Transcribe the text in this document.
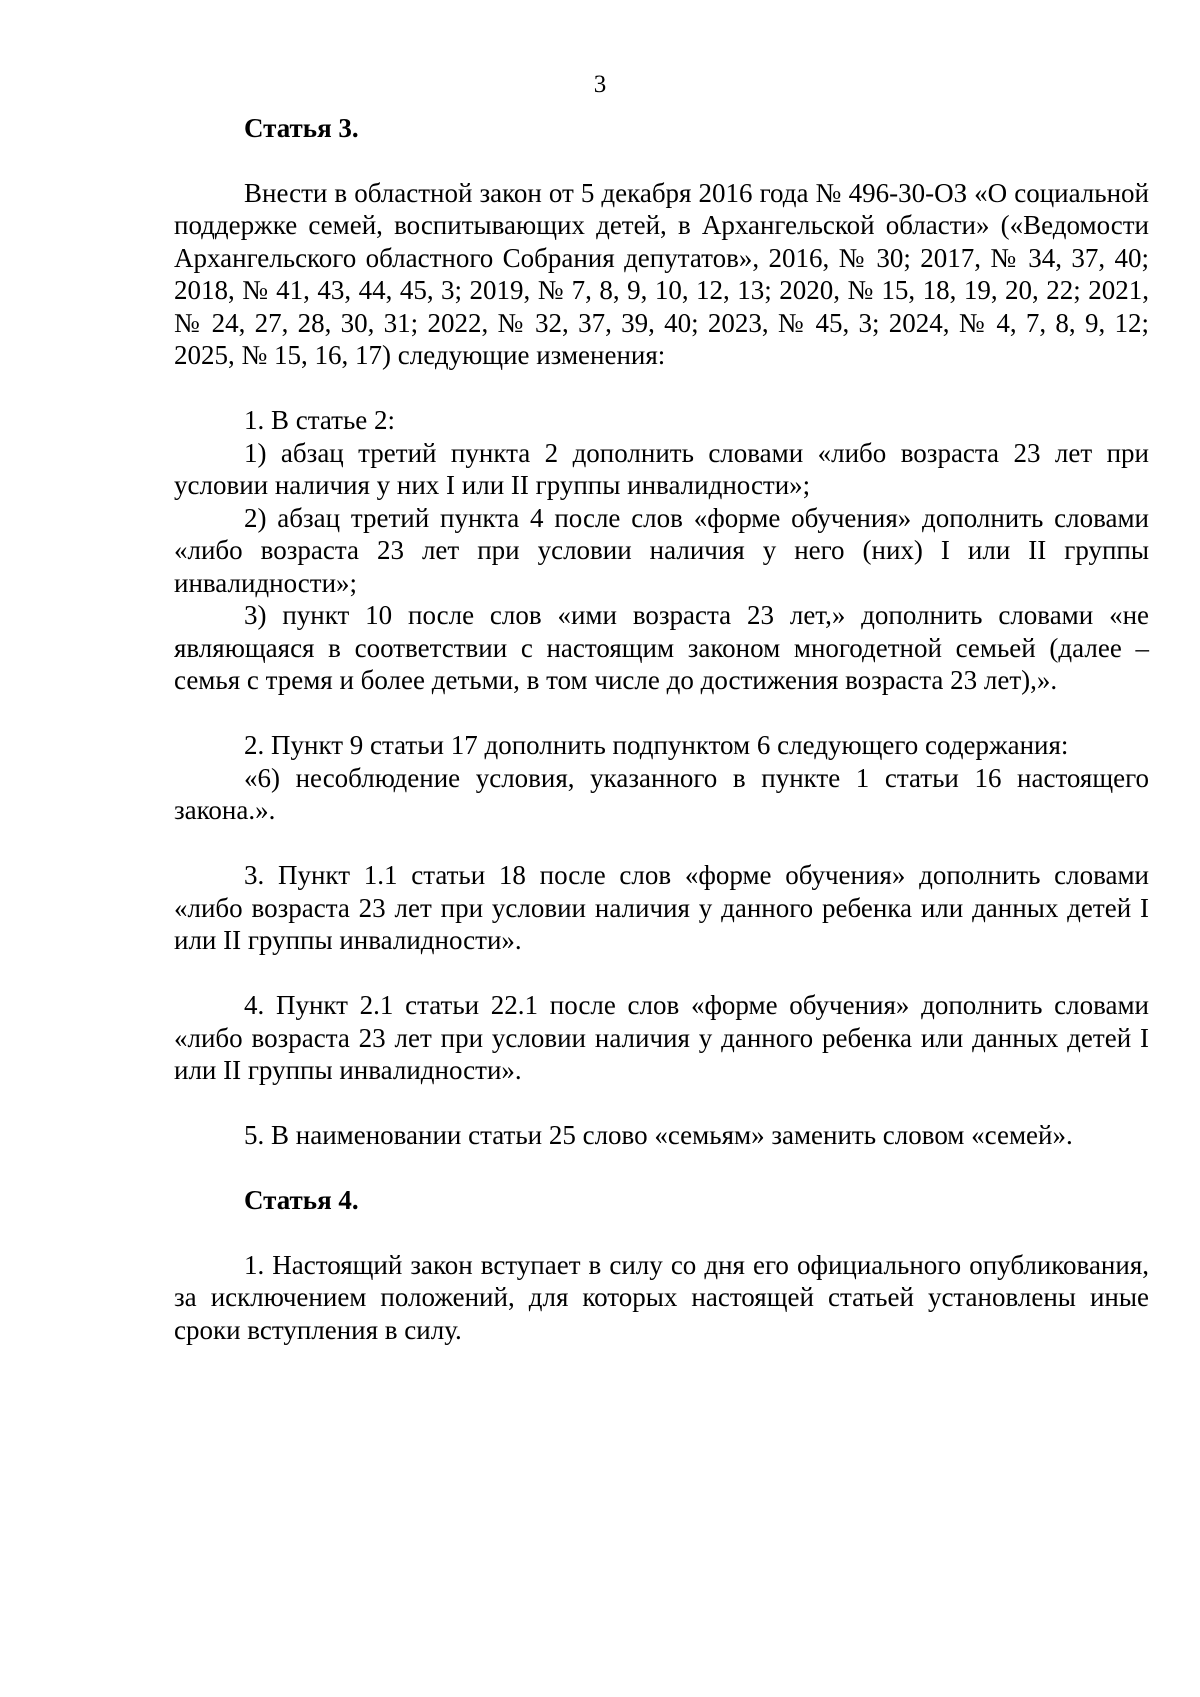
3
Статья 3.

Внести в областной закон от 5 декабря 2016 года № 496-30-ОЗ «О социальной поддержке семей, воспитывающих детей, в Архангельской области» («Ведомости Архангельского областного Собрания депутатов», 2016, № 30; 2017, № 34, 37, 40; 2018, № 41, 43, 44, 45, 3; 2019, № 7, 8, 9, 10, 12, 13; 2020, № 15, 18, 19, 20, 22; 2021, № 24, 27, 28, 30, 31; 2022, № 32, 37, 39, 40; 2023, № 45, 3; 2024, № 4, 7, 8, 9, 12; 2025, № 15, 16, 17) следующие изменения:

1. В статье 2:

1) абзац третий пункта 2 дополнить словами «либо возраста 23 лет при условии наличия у них I или II группы инвалидности»;

2) абзац третий пункта 4 после слов «форме обучения» дополнить словами «либо возраста 23 лет при условии наличия у него (них) I или II группы инвалидности»;

3) пункт 10 после слов «ими возраста 23 лет,» дополнить словами «не являющаяся в соответствии с настоящим законом многодетной семьей (далее – семья с тремя и более детьми, в том числе до достижения возраста 23 лет),».

2. Пункт 9 статьи 17 дополнить подпунктом 6 следующего содержания:

«6) несоблюдение условия, указанного в пункте 1 статьи 16 настоящего закона.».

3. Пункт 1.1 статьи 18 после слов «форме обучения» дополнить словами «либо возраста 23 лет при условии наличия у данного ребенка или данных детей I или II группы инвалидности».

4. Пункт 2.1 статьи 22.1 после слов «форме обучения» дополнить словами «либо возраста 23 лет при условии наличия у данного ребенка или данных детей I или II группы инвалидности».

5. В наименовании статьи 25 слово «семьям» заменить словом «семей».

Статья 4.

1. Настоящий закон вступает в силу со дня его официального опубликования, за исключением положений, для которых настоящей статьей установлены иные сроки вступления в силу.
